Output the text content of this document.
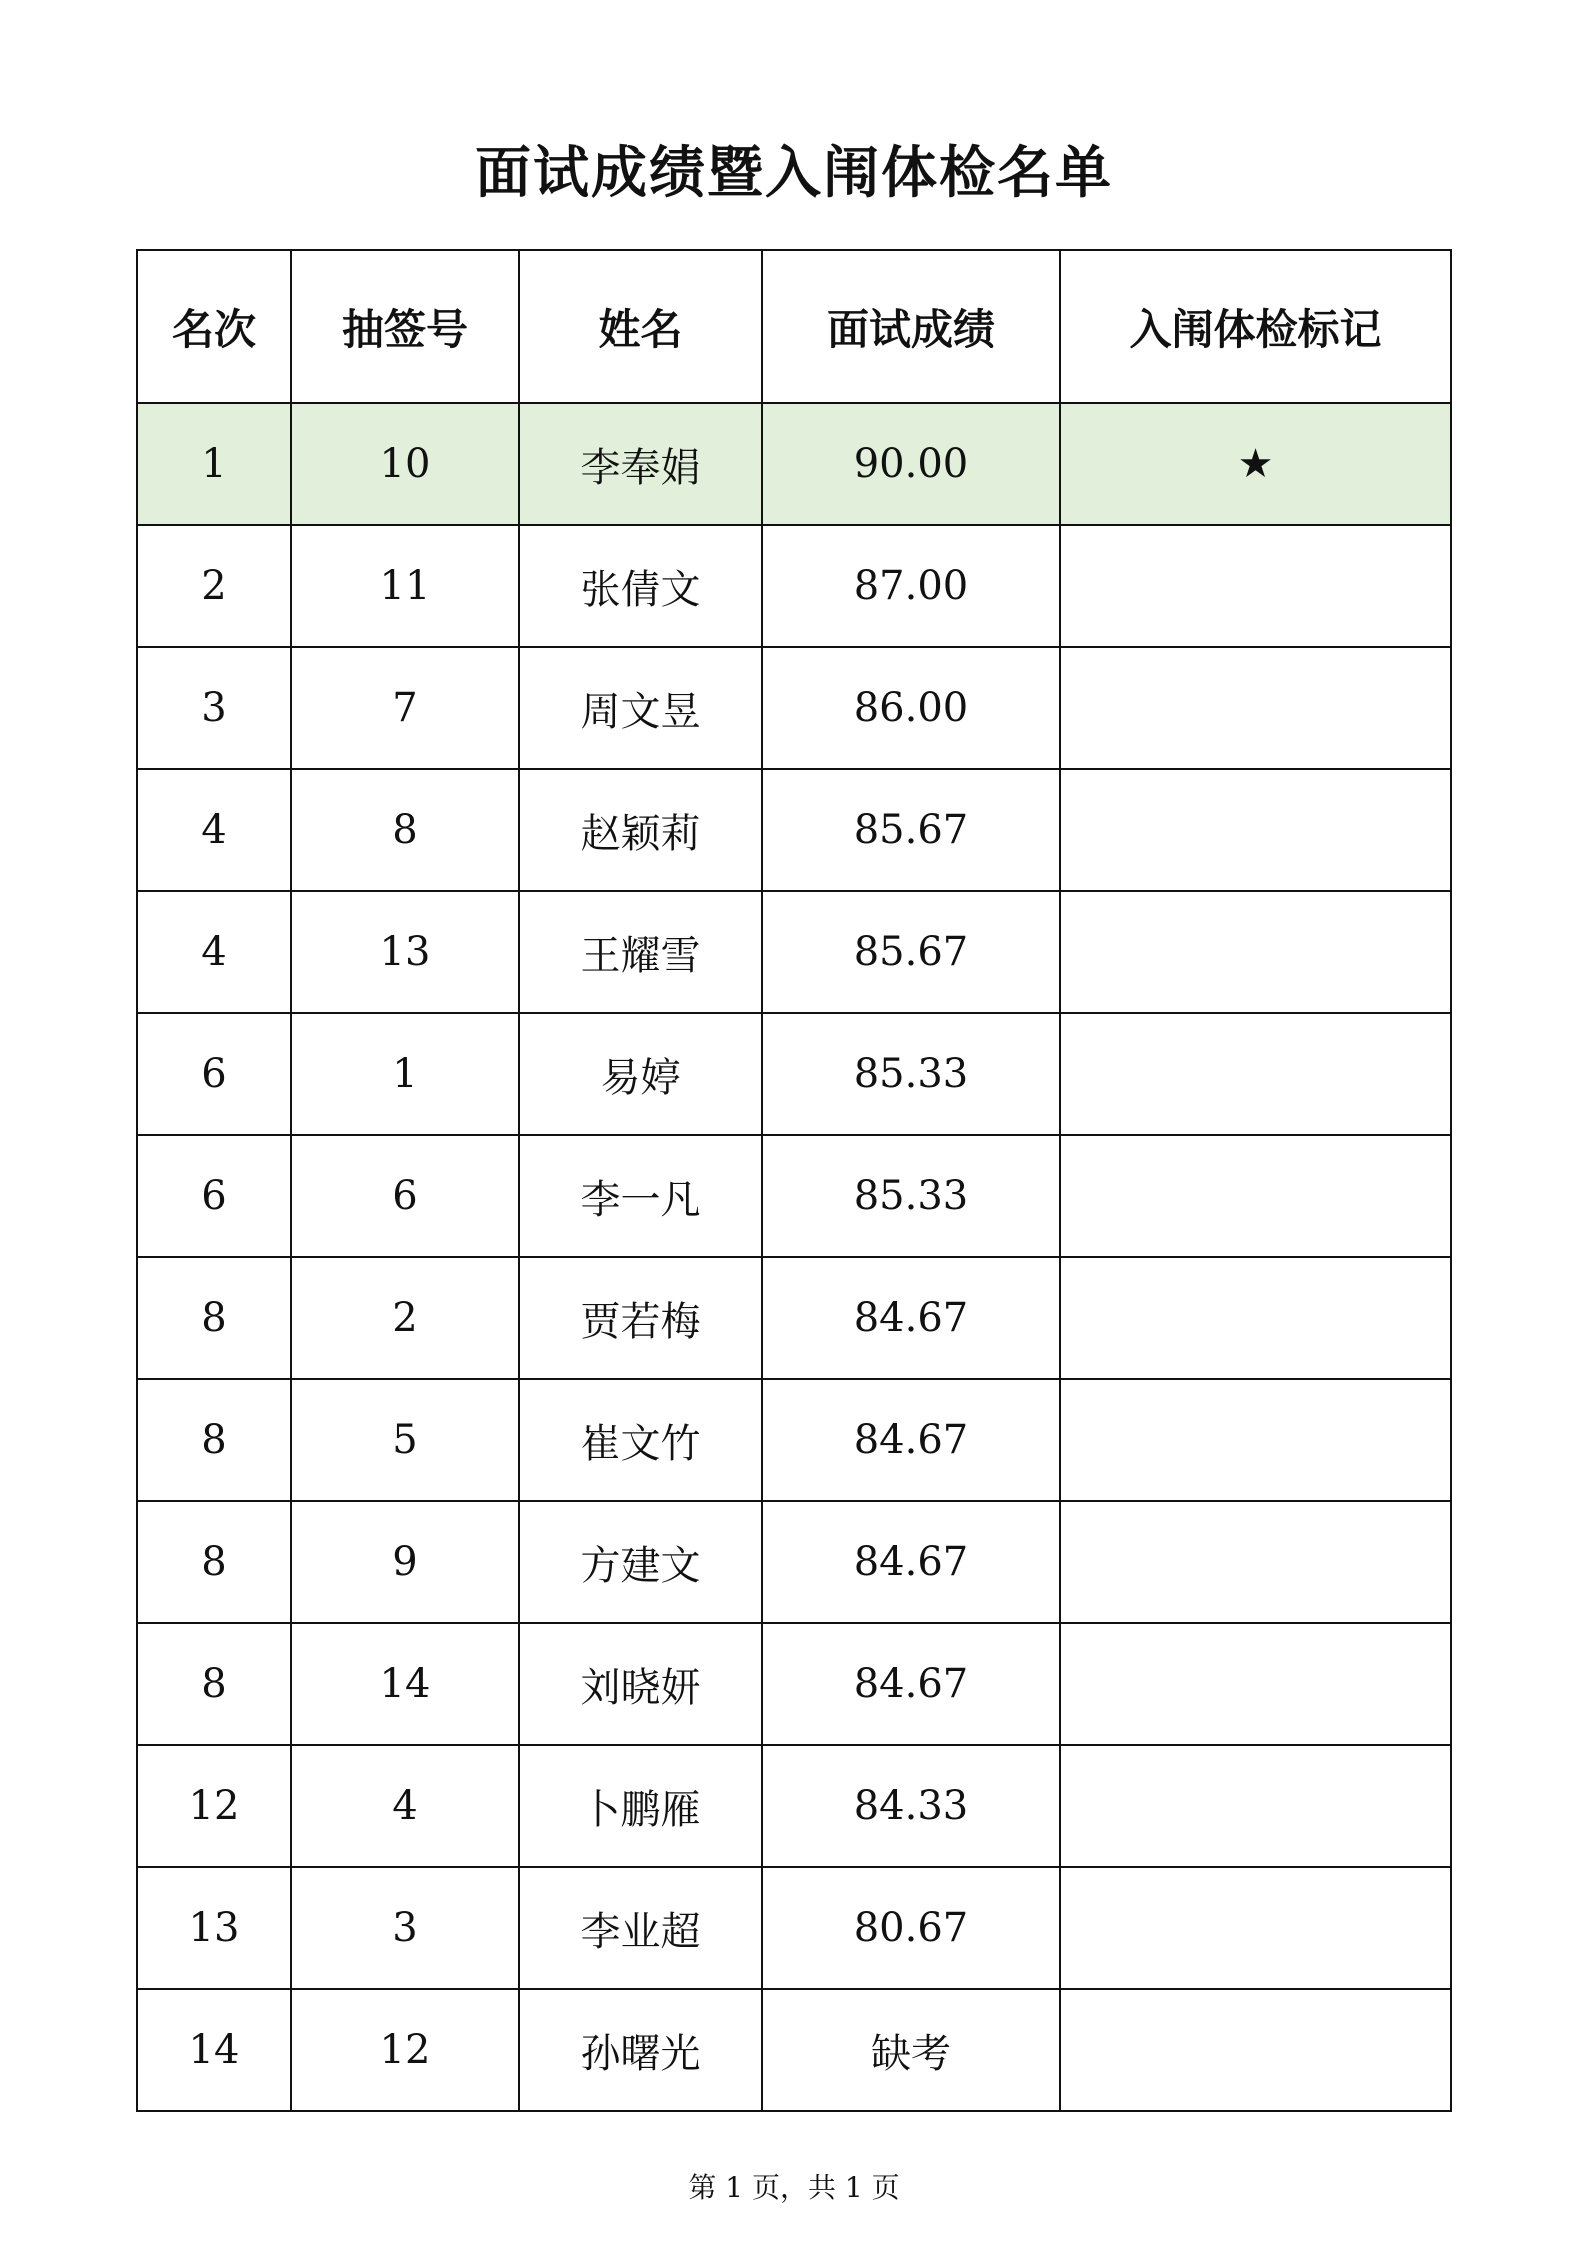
面试成绩暨入闱体检名单
名次	抽签号	姓名	面试成绩	入闱体检标记
1	10	李奉娟	90.00	★
2	11	张倩文	87.00	
3	7	周文昱	86.00	
4	8	赵颖莉	85.67	
4	13	王耀雪	85.67	
6	1	易婷	85.33	
6	6	李一凡	85.33	
8	2	贾若梅	84.67	
8	5	崔文竹	84.67	
8	9	方建文	84.67	
8	14	刘晓妍	84.67	
12	4	卜鹏雁	84.33	
13	3	李业超	80.67	
14	12	孙曙光	缺考	
第 1 页，共 1 页
